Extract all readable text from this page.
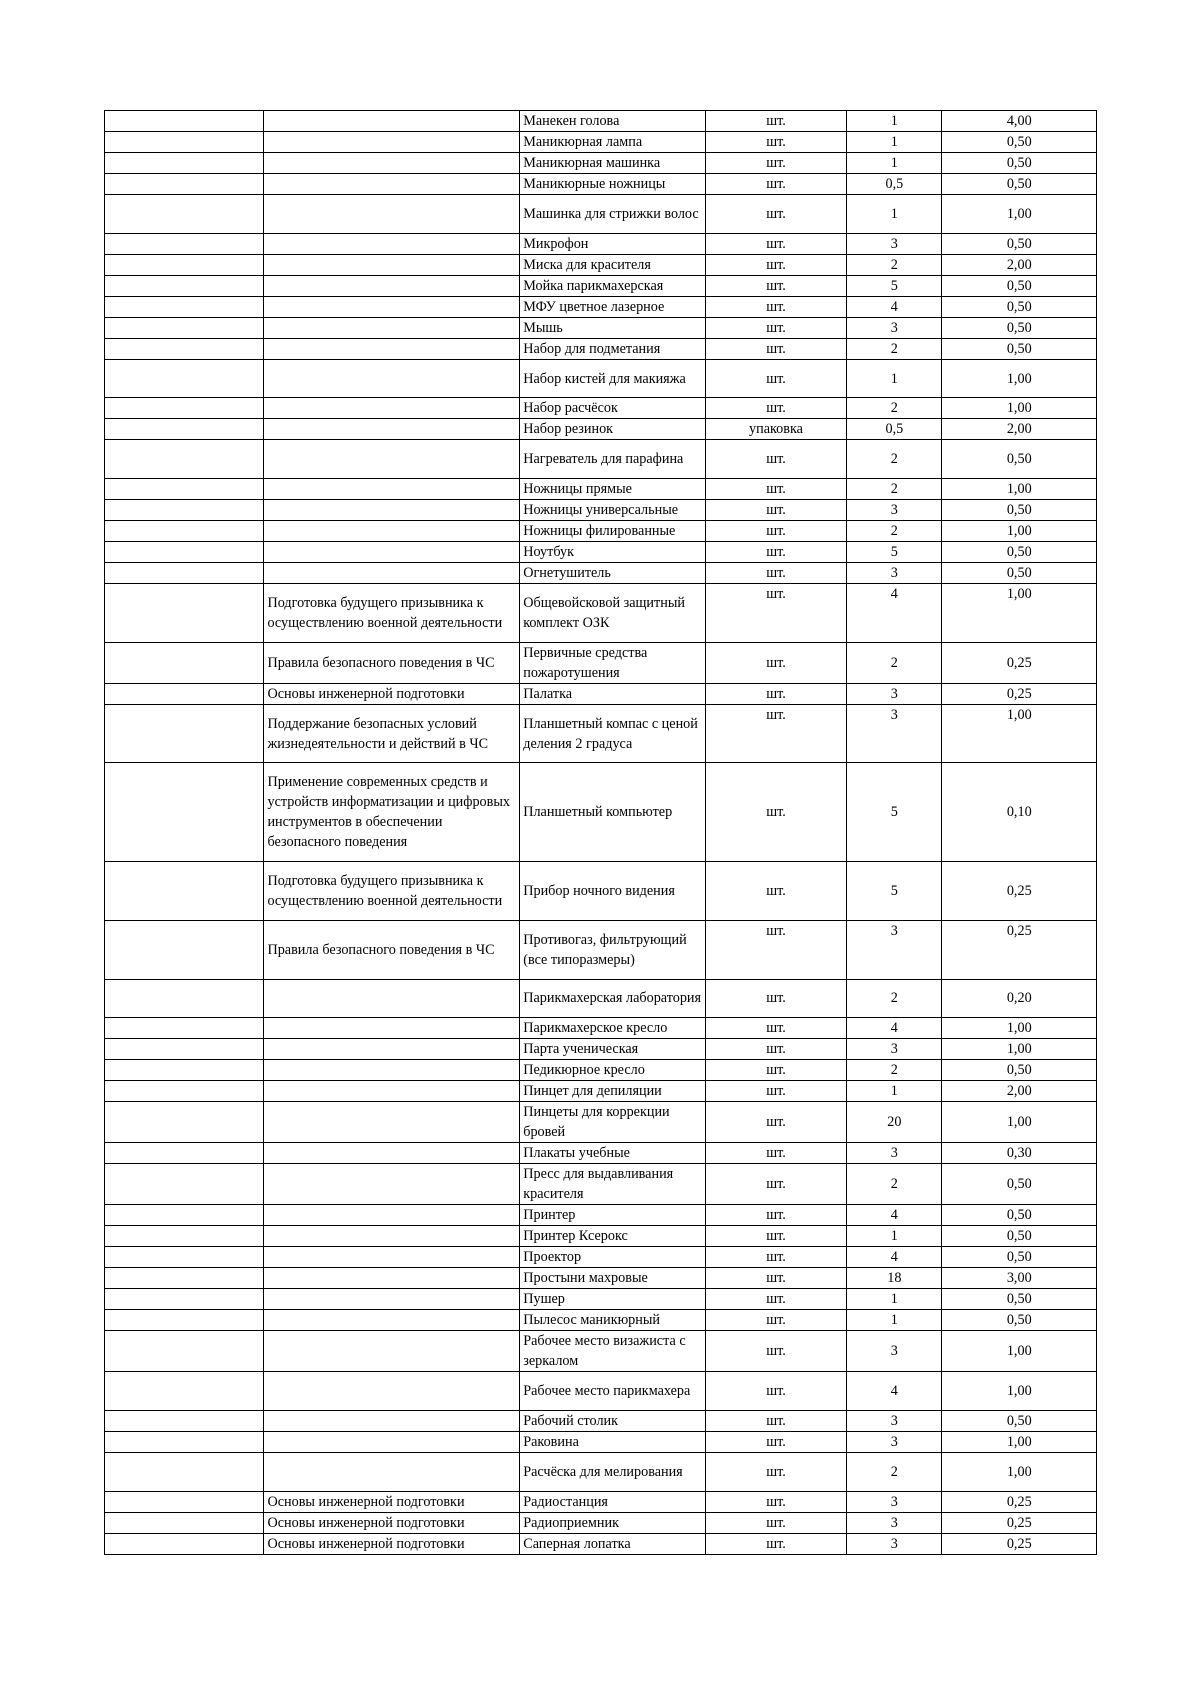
		Манекен голова	шт.	1	4,00
		Маникюрная лампа	шт.	1	0,50
		Маникюрная машинка	шт.	1	0,50
		Маникюрные ножницы	шт.	0,5	0,50
		Машинка для стрижки волос	шт.	1	1,00
		Микрофон	шт.	3	0,50
		Миска для красителя	шт.	2	2,00
		Мойка парикмахерская	шт.	5	0,50
		МФУ цветное лазерное	шт.	4	0,50
		Мышь	шт.	3	0,50
		Набор для подметания	шт.	2	0,50
		Набор кистей для макияжа	шт.	1	1,00
		Набор расчёсок	шт.	2	1,00
		Набор резинок	упаковка	0,5	2,00
		Нагреватель для парафина	шт.	2	0,50
		Ножницы прямые	шт.	2	1,00
		Ножницы универсальные	шт.	3	0,50
		Ножницы филированные	шт.	2	1,00
		Ноутбук	шт.	5	0,50
		Огнетушитель	шт.	3	0,50
	Подготовка будущего призывника к осуществлению военной деятельности	Общевойсковой защитный комплект ОЗК	шт.	4	1,00
	Правила безопасного поведения в ЧС	Первичные средства пожаротушения	шт.	2	0,25
	Основы инженерной подготовки	Палатка	шт.	3	0,25
	Поддержание безопасных условий жизнедеятельности и действий в ЧС	Планшетный компас с ценой деления 2 градуса	шт.	3	1,00
	Применение современных средств и устройств информатизации и цифровых инструментов в обеспечении безопасного поведения	Планшетный компьютер	шт.	5	0,10
	Подготовка будущего призывника к осуществлению военной деятельности	Прибор ночного видения	шт.	5	0,25
	Правила безопасного поведения в ЧС	Противогаз, фильтрующий (все типоразмеры)	шт.	3	0,25
		Парикмахерская лаборатория	шт.	2	0,20
		Парикмахерское кресло	шт.	4	1,00
		Парта ученическая	шт.	3	1,00
		Педикюрное кресло	шт.	2	0,50
		Пинцет для депиляции	шт.	1	2,00
		Пинцеты для коррекции бровей	шт.	20	1,00
		Плакаты учебные	шт.	3	0,30
		Пресс для выдавливания красителя	шт.	2	0,50
		Принтер	шт.	4	0,50
		Принтер Ксерокс	шт.	1	0,50
		Проектор	шт.	4	0,50
		Простыни махровые	шт.	18	3,00
		Пушер	шт.	1	0,50
		Пылесос маникюрный	шт.	1	0,50
		Рабочее место визажиста с зеркалом	шт.	3	1,00
		Рабочее место парикмахера	шт.	4	1,00
		Рабочий столик	шт.	3	0,50
		Раковина	шт.	3	1,00
		Расчёска для мелирования	шт.	2	1,00
	Основы инженерной подготовки	Радиостанция	шт.	3	0,25
	Основы инженерной подготовки	Радиоприемник	шт.	3	0,25
	Основы инженерной подготовки	Саперная лопатка	шт.	3	0,25
